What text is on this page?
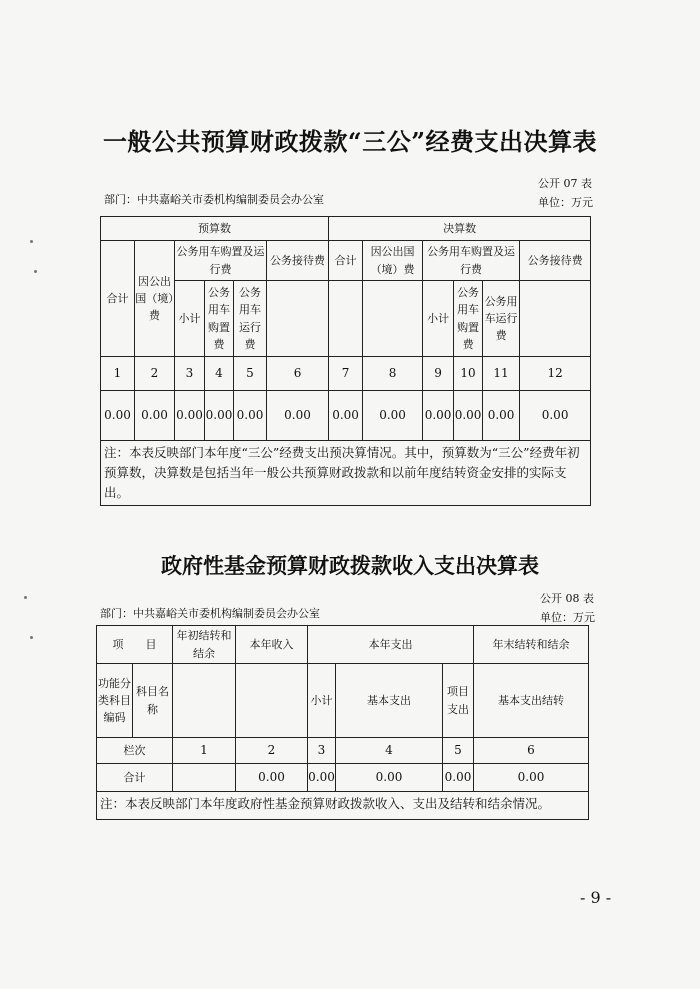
一般公共预算财政拨款“三公”经费支出决算表
公开 07 表
部门：中共嘉峪关市委机构编制委员会办公室	单位：万元
预算数						决算数					
合计	因公出国（境）费	公务用车购置及运行费			公务接待费	合计	因公出国（境）费	公务用车购置及运行费			公务接待费
		小计	公务用车购置费	公务用车运行费				小计	公务用车购置费	公务用车运行费	

1	2	3	4	5	6	7	8	9	10	11	12
0.00	0.00	0.00	0.00	0.00	0.00	0.00	0.00	0.00	0.00	0.00	0.00
注：本表反映部门本年度“三公”经费支出预决算情况。其中，预算数为“三公”经费年初预算数，决算数是包括当年一般公共预算财政拨款和以前年度结转资金安排的实际支出。											
政府性基金预算财政拨款收入支出决算表
公开 08 表
部门：中共嘉峪关市委机构编制委员会办公室	单位：万元
项　　目		年初结转和结余	本年收入	本年支出			年末结转和结余
功能分类科目编码	科目名称			小计	基本支出	项目支出	基本支出结转
栏次		1	2	3	4	5	6
合计			0.00	0.00	0.00	0.00	0.00
注：本表反映部门本年度政府性基金预算财政拨款收入、支出及结转和结余情况。							
- 9 -
